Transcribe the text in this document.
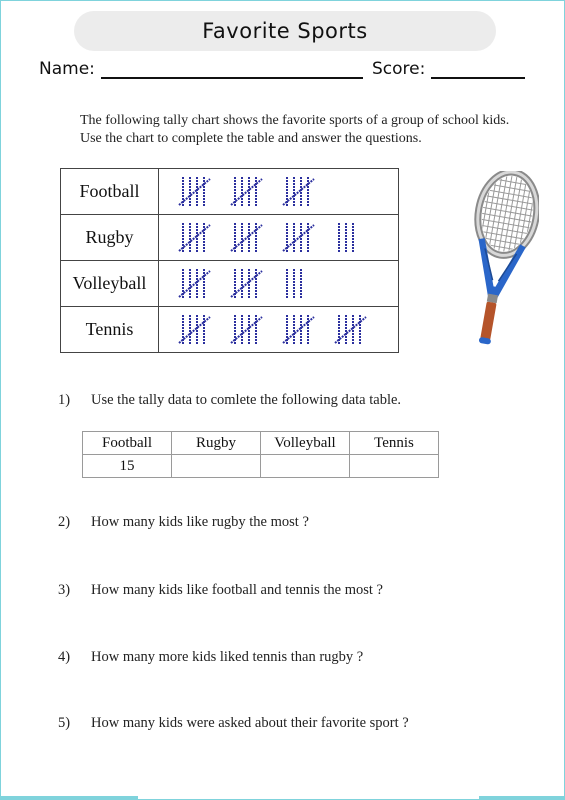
Favorite Sports
Name:	Score:
The following tally chart shows the favorite sports of a group of school kids. Use the chart to complete the table and answer the questions.
Football	

Rugby	

Volleyball	

Tennis	
1) Use the tally data to comlete the following data table.
Football	Rugby	Volleyball	Tennis
15			
2) How many kids like rugby the most ?
3) How many kids like football and tennis the most ?
4) How many more kids liked tennis than rugby ?
5) How many kids were asked about their favorite sport ?
